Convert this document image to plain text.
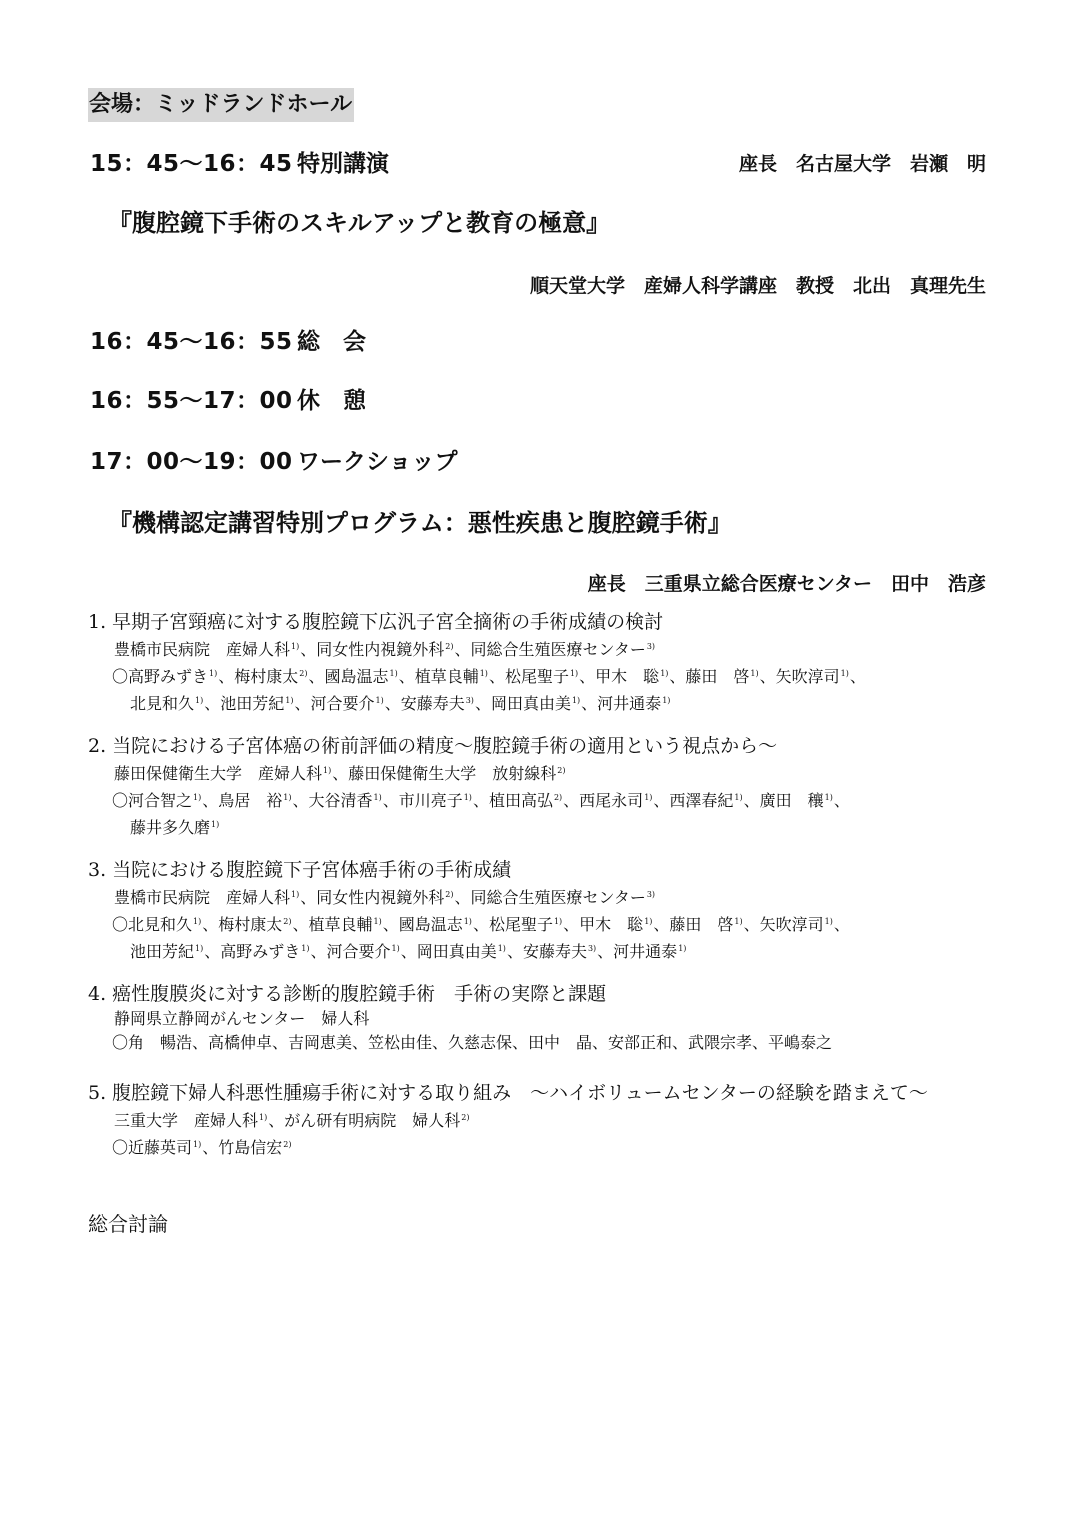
会場：ミッドランドホール
15：45〜16：45 特別講演	座長　名古屋大学　岩瀬　明
『腹腔鏡下手術のスキルアップと教育の極意』
順天堂大学　産婦人科学講座　教授　北出　真理先生
16：45〜16：55 総　会
16：55〜17：00 休　憩
17：00〜19：00 ワークショップ
『機構認定講習特別プログラム：悪性疾患と腹腔鏡手術』
座長　三重県立総合医療センター　田中　浩彦
1. 早期子宮頸癌に対する腹腔鏡下広汎子宮全摘術の手術成績の検討
豊橋市民病院　産婦人科$^{1)}$、同女性内視鏡外科$^{2)}$、同総合生殖医療センター$^{3)}$
〇高野みずき$^{1)}$、梅村康太$^{2)}$、國島温志$^{1)}$、植草良輔$^{1)}$、松尾聖子$^{1)}$、甲木　聡$^{1)}$、藤田　啓$^{1)}$、矢吹淳司$^{1)}$、
北見和久$^{1)}$、池田芳紀$^{1)}$、河合要介$^{1)}$、安藤寿夫$^{3)}$、岡田真由美$^{1)}$、河井通泰$^{1)}$
2. 当院における子宮体癌の術前評価の精度〜腹腔鏡手術の適用という視点から〜
藤田保健衛生大学　産婦人科$^{1)}$、藤田保健衛生大学　放射線科$^{2)}$
〇河合智之$^{1)}$、鳥居　裕$^{1)}$、大谷清香$^{1)}$、市川亮子$^{1)}$、植田高弘$^{2)}$、西尾永司$^{1)}$、西澤春紀$^{1)}$、廣田　穰$^{1)}$、
藤井多久磨$^{1)}$
3. 当院における腹腔鏡下子宮体癌手術の手術成績
豊橋市民病院　産婦人科$^{1)}$、同女性内視鏡外科$^{2)}$、同総合生殖医療センター$^{3)}$
〇北見和久$^{1)}$、梅村康太$^{2)}$、植草良輔$^{1)}$、國島温志$^{1)}$、松尾聖子$^{1)}$、甲木　聡$^{1)}$、藤田　啓$^{1)}$、矢吹淳司$^{1)}$、
池田芳紀$^{1)}$、高野みずき$^{1)}$、河合要介$^{1)}$、岡田真由美$^{1)}$、安藤寿夫$^{3)}$、河井通泰$^{1)}$
4. 癌性腹膜炎に対する診断的腹腔鏡手術　手術の実際と課題
静岡県立静岡がんセンター　婦人科
〇角　暢浩、高橋伸卓、吉岡恵美、笠松由佳、久慈志保、田中　晶、安部正和、武隈宗孝、平嶋泰之
5. 腹腔鏡下婦人科悪性腫瘍手術に対する取り組み　〜ハイボリュームセンターの経験を踏まえて〜
三重大学　産婦人科$^{1)}$、がん研有明病院　婦人科$^{2)}$
〇近藤英司$^{1)}$、竹島信宏$^{2)}$
総合討論
